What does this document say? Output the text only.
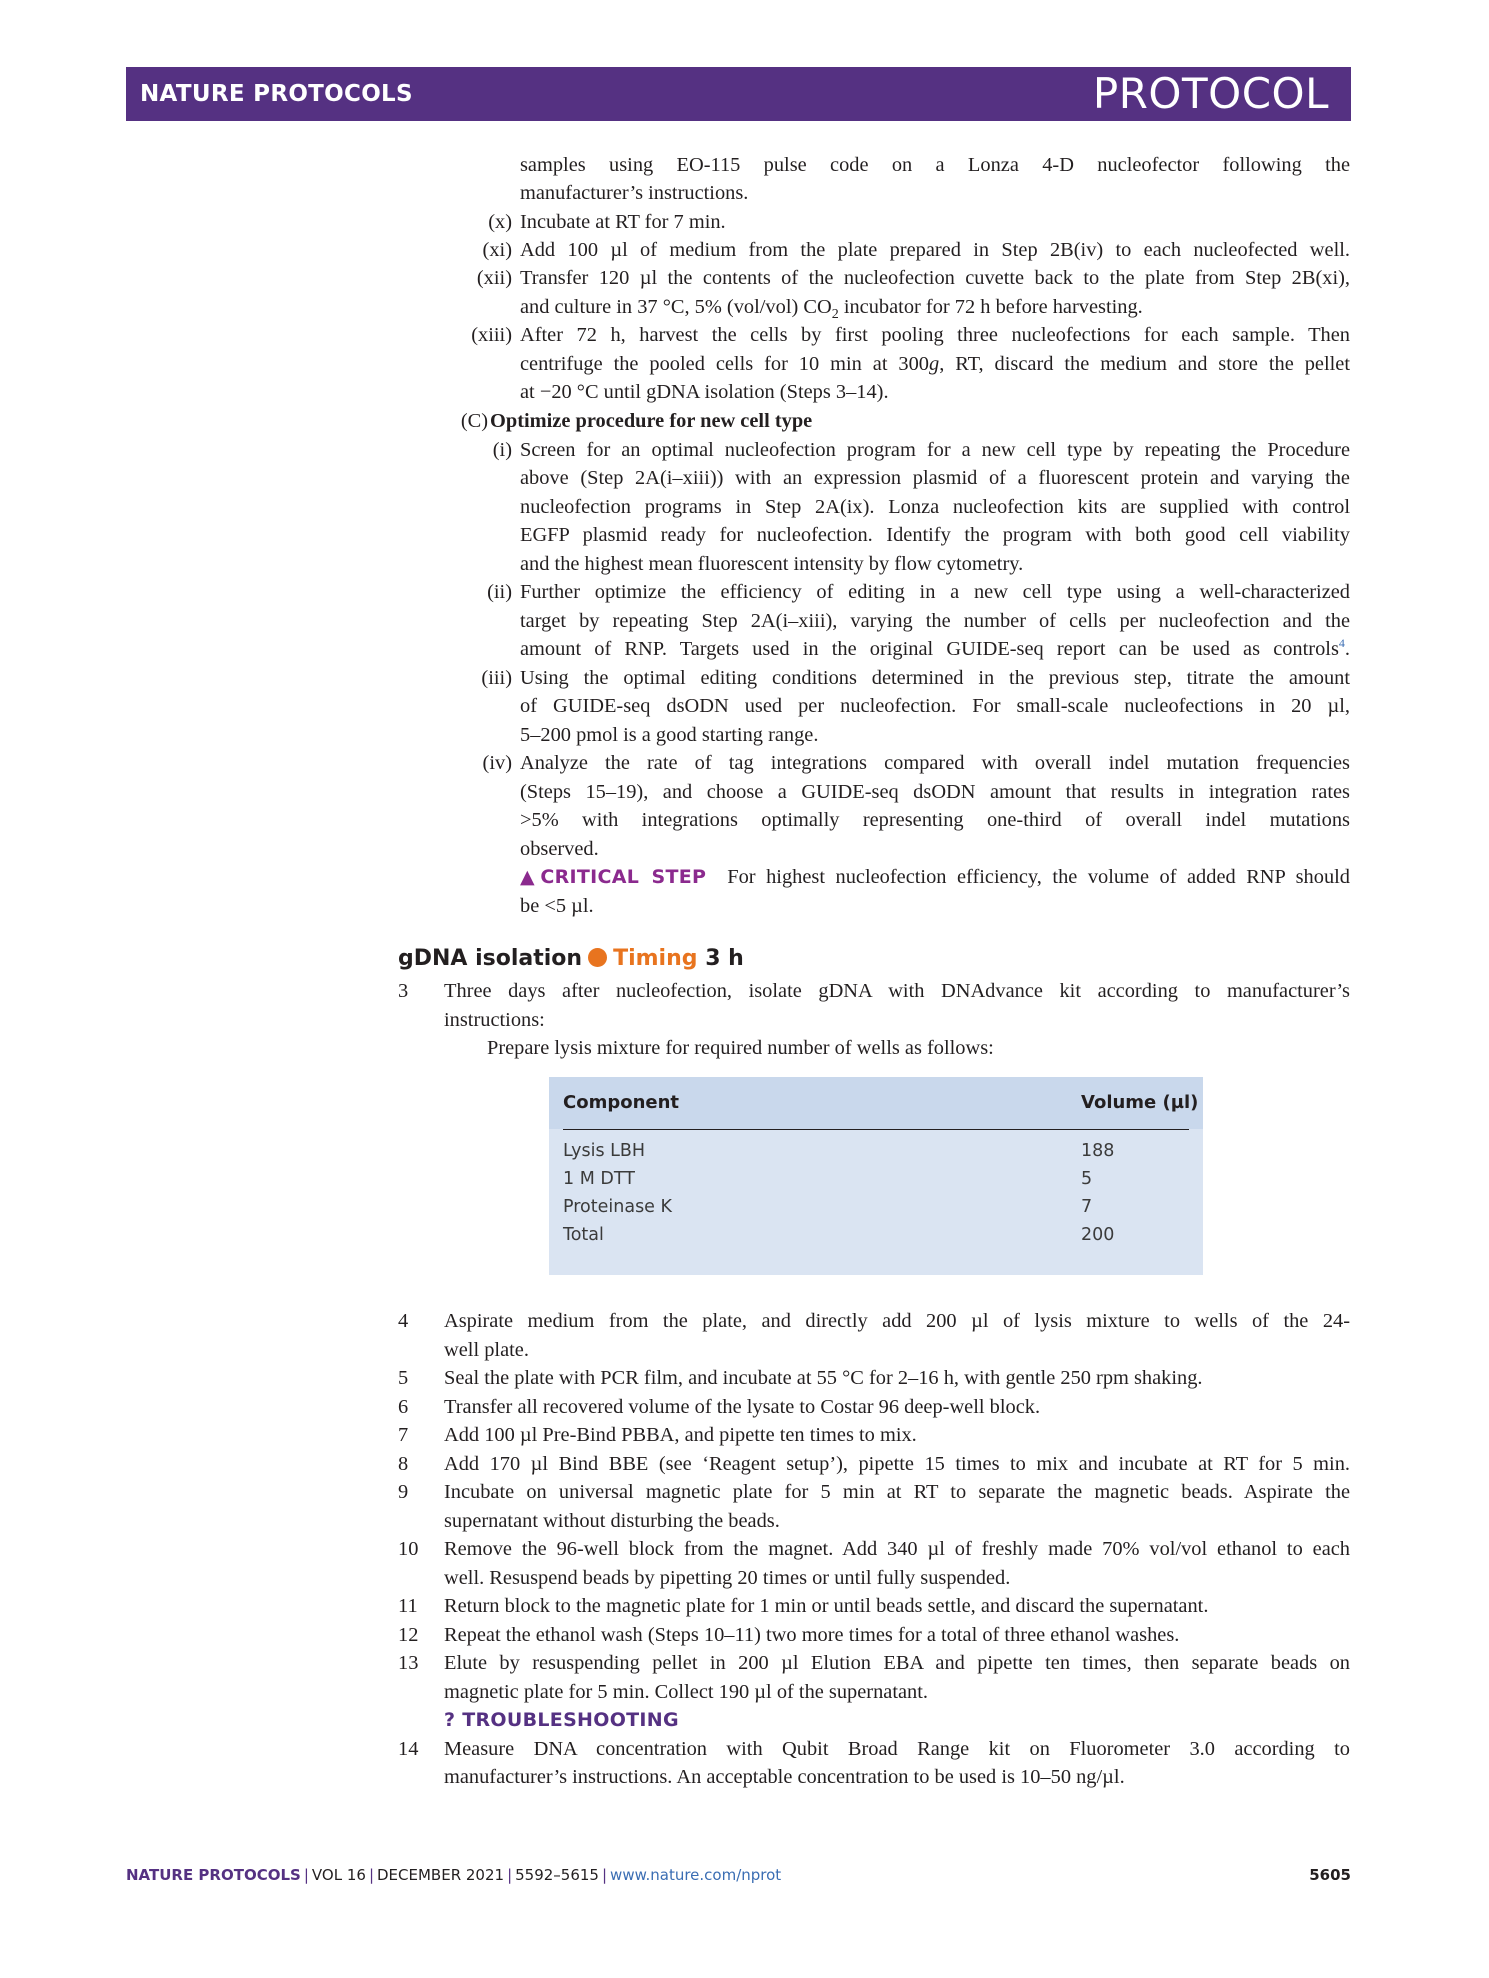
NATURE PROTOCOLS	PROTOCOL
samples using EO-115 pulse code on a Lonza 4-D nucleofector following the
manufacturer’s instructions.
(x) Incubate at RT for 7 min.
(xi) Add 100 µl of medium from the plate prepared in Step 2B(iv) to each nucleofected well.
(xii) Transfer 120 µl the contents of the nucleofection cuvette back to the plate from Step 2B(xi),
and culture in 37 °C, 5% (vol/vol) $CO_2$ incubator for 72 h before harvesting.
(xiii) After 72 h, harvest the cells by first pooling three nucleofections for each sample. Then
centrifuge the pooled cells for 10 min at 300g, RT, discard the medium and store the pellet
at −20 °C until gDNA isolation (Steps 3–14).
(C) Optimize procedure for new cell type
(i) Screen for an optimal nucleofection program for a new cell type by repeating the Procedure
above (Step 2A(i–xiii)) with an expression plasmid of a fluorescent protein and varying the
nucleofection programs in Step 2A(ix). Lonza nucleofection kits are supplied with control
EGFP plasmid ready for nucleofection. Identify the program with both good cell viability
and the highest mean fluorescent intensity by flow cytometry.
(ii) Further optimize the efficiency of editing in a new cell type using a well-characterized
target by repeating Step 2A(i–xiii), varying the number of cells per nucleofection and the
amount of RNP. Targets used in the original GUIDE-seq report can be used as controls$^4$.
(iii) Using the optimal editing conditions determined in the previous step, titrate the amount
of GUIDE-seq dsODN used per nucleofection. For small-scale nucleofections in 20 µl,
5–200 pmol is a good starting range.
(iv) Analyze the rate of tag integrations compared with overall indel mutation frequencies
(Steps 15–19), and choose a GUIDE-seq dsODN amount that results in integration rates
>5% with integrations optimally representing one-third of overall indel mutations
observed.
▲CRITICAL STEP For highest nucleofection efficiency, the volume of added RNP should
be <5 µl.
gDNA isolation Timing 3 h
3 Three days after nucleofection, isolate gDNA with DNAdvance kit according to manufacturer’s
instructions:
Prepare lysis mixture for required number of wells as follows:
Component	Volume (µl)
Lysis LBH	188
1 M DTT	5
Proteinase K	7
Total	200
4 Aspirate medium from the plate, and directly add 200 µl of lysis mixture to wells of the 24-
well plate.
5 Seal the plate with PCR film, and incubate at 55 °C for 2–16 h, with gentle 250 rpm shaking.
6 Transfer all recovered volume of the lysate to Costar 96 deep-well block.
7 Add 100 µl Pre-Bind PBBA, and pipette ten times to mix.
8 Add 170 µl Bind BBE (see ‘Reagent setup’), pipette 15 times to mix and incubate at RT for 5 min.
9 Incubate on universal magnetic plate for 5 min at RT to separate the magnetic beads. Aspirate the
supernatant without disturbing the beads.
10 Remove the 96-well block from the magnet. Add 340 µl of freshly made 70% vol/vol ethanol to each
well. Resuspend beads by pipetting 20 times or until fully suspended.
11 Return block to the magnetic plate for 1 min or until beads settle, and discard the supernatant.
12 Repeat the ethanol wash (Steps 10–11) two more times for a total of three ethanol washes.
13 Elute by resuspending pellet in 200 µl Elution EBA and pipette ten times, then separate beads on
magnetic plate for 5 min. Collect 190 µl of the supernatant.
? TROUBLESHOOTING
14 Measure DNA concentration with Qubit Broad Range kit on Fluorometer 3.0 according to
manufacturer’s instructions. An acceptable concentration to be used is 10–50 ng/µl.
NATURE PROTOCOLS | VOL 16 | DECEMBER 2021 | 5592–5615 | www.nature.com/nprot	5605
